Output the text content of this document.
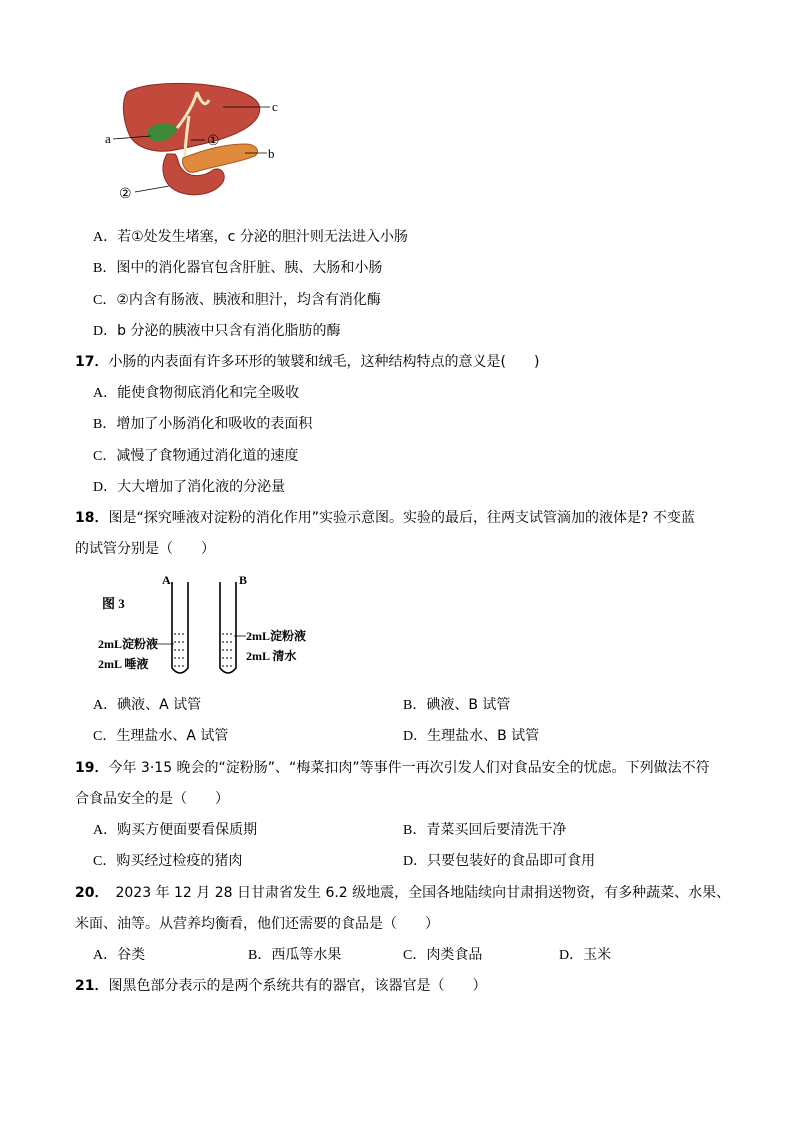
a
c
b
①
②
A．若①处发生堵塞，c 分泌的胆汁则无法进入小肠
B．图中的消化器官包含肝脏、胰、大肠和小肠
C．②内含有肠液、胰液和胆汁，均含有消化酶
D．b 分泌的胰液中只含有消化脂肪的酶
17．小肠的内表面有许多环形的皱襞和绒毛，这种结构特点的意义是(　　)
A．能使食物彻底消化和完全吸收
B．增加了小肠消化和吸收的表面积
C．减慢了食物通过消化道的速度
D．大大增加了消化液的分泌量
18．图是“探究唾液对淀粉的消化作用”实验示意图。实验的最后，往两支试管滴加的液体是? 不变蓝
的试管分别是（　　）
图 3
A	B
2mL淀粉液
2mL 唾液
2mL淀粉液
2mL 清水
A．碘液、A 试管	B．碘液、B 试管
C．生理盐水、A 试管	D．生理盐水、B 试管
19．今年 3·15 晚会的“淀粉肠”、“梅菜扣肉”等事件一再次引发人们对食品安全的忧虑。下列做法不符
合食品安全的是（　　）
A．购买方便面要看保质期	B．青菜买回后要清洗干净
C．购买经过检疫的猪肉	D．只要包装好的食品即可食用
20．　2023 年 12 月 28 日甘肃省发生 6.2 级地震，全国各地陆续向甘肃捐送物资，有多种蔬菜、水果、
米面、油等。从营养均衡看，他们还需要的食品是（　　）
A．谷类	B．西瓜等水果	C．肉类食品	D．玉米
21．图黑色部分表示的是两个系统共有的器官，该器官是（　　）
